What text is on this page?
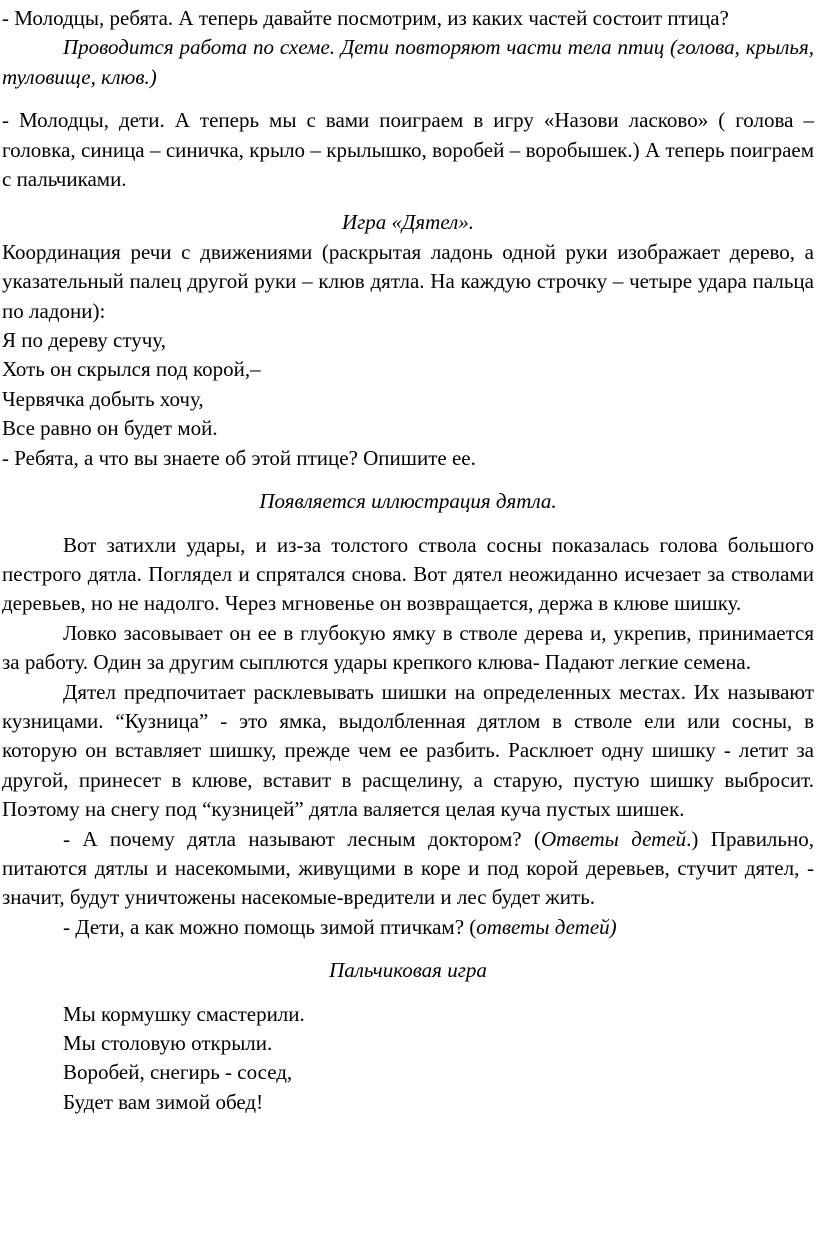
- Молодцы, ребята. А теперь давайте посмотрим, из каких частей состоит птица?

Проводится работа по схеме. Дети повторяют части тела птиц (голова, крылья, туловище, клюв.)

- Молодцы, дети. А теперь мы с вами поиграем в игру «Назови ласково» ( голова – головка, синица – синичка, крыло – крылышко, воробей – воробышек.) А теперь поиграем с пальчиками.

Игра «Дятел».

Координация речи с движениями (раскрытая ладонь одной руки изображает дерево, а указательный палец другой руки – клюв дятла. На каждую строчку – четыре удара пальца по ладони):

Я по дереву стучу,

Хоть он скрылся под корой,–

Червячка добыть хочу,

Все равно он будет мой.

- Ребята, а что вы знаете об этой птице? Опишите ее.

Появляется иллюстрация дятла.

Вот затихли удары, и из-за толстого ствола сосны показалась голова большого пестрого дятла. Поглядел и спрятался снова. Вот дятел неожиданно исчезает за стволами деревьев, но не надолго. Через мгновенье он возвращается, держа в клюве шишку.

Ловко засовывает он ее в глубокую ямку в стволе дерева и, укрепив, принимается за работу. Один за другим сыплются удары крепкого клюва- Падают легкие семена.

Дятел предпочитает расклевывать шишки на определенных местах. Их называют кузницами. “Кузница” - это ямка, выдолбленная дятлом в стволе ели или сосны, в которую он вставляет шишку, прежде чем ее разбить. Расклюет одну шишку - летит за другой, принесет в клюве, вставит в расщелину, а старую, пустую шишку выбросит. Поэтому на снегу под “кузницей” дятла валяется целая куча пустых шишек.

- А почему дятла называют лесным доктором? (Ответы детей.) Правильно, питаются дятлы и насекомыми, живущими в коре и под корой деревьев, стучит дятел, - значит, будут уничтожены насекомые-вредители и лес будет жить.

- Дети, а как можно помощь зимой птичкам? (ответы детей)

Пальчиковая игра

Мы кормушку смастерили.

Мы столовую открыли.

Воробей, снегирь - сосед,

Будет вам зимой обед!
